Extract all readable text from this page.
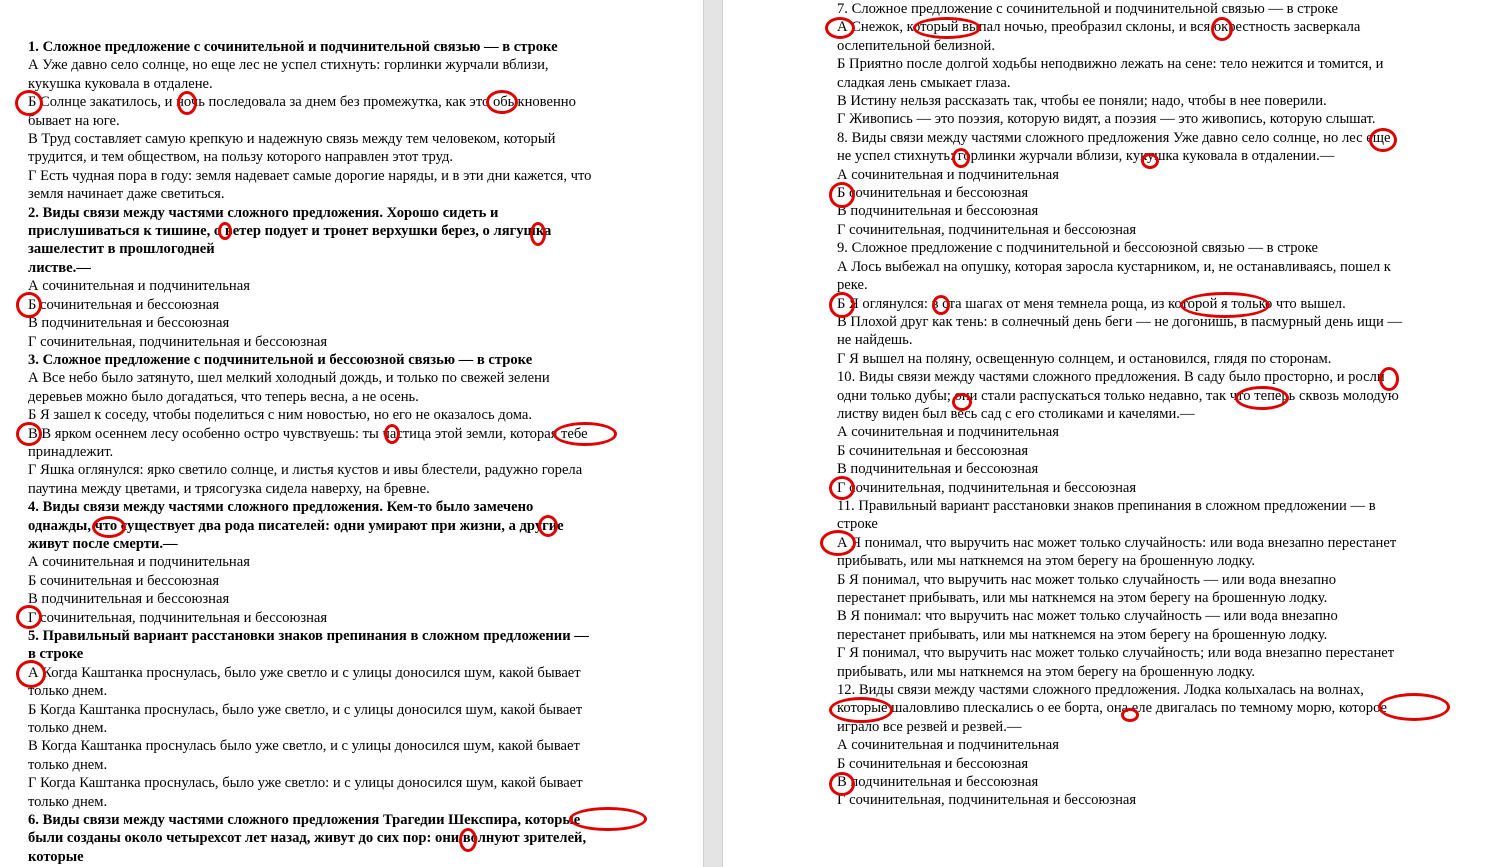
1. Сложное предложение с сочинительной и подчинительной связью — в строке

А Уже давно село солнце, но еще лес не успел стихнуть: горлинки журчали вблизи,

кукушка куковала в отдалене.

Б Солнце закатилось, и ночь последовала за днем без промежутка, как это обыкновенно

бывает на юге.

В Труд составляет самую крепкую и надежную связь между тем человеком, который

трудится, и тем обществом, на пользу которого направлен этот труд.

Г Есть чудная пора в году: земля надевает самые дорогие наряды, и в эти дни кажется, что

земля начинает даже светиться.

2. Виды связи между частями сложного предложения. Хорошо сидеть и

прислушиваться к тишине, о ветер подует и тронет верхушки берез, о лягушка

зашелестит в прошлогодней

листве.—

А сочинительная и подчинительная

Б сочинительная и бессоюзная

В подчинительная и бессоюзная

Г сочинительная, подчинительная и бессоюзная

3. Сложное предложение с подчинительной и бессоюзной связью — в строке

А Все небо было затянуто, шел мелкий холодный дождь, и только по свежей зелени

деревьев можно было догадаться, что теперь весна, а не осень.

Б Я зашел к соседу, чтобы поделиться с ним новостью, но его не оказалось дома.

В В ярком осеннем лесу особенно остро чувствуешь: ты частица этой земли, которая тебе

принадлежит.

Г Яшка оглянулся: ярко светило солнце, и листья кустов и ивы блестели, радужно горела

паутина между цветами, и трясогузка сидела наверху, на бревне.

4. Виды связи между частями сложного предложения. Кем-то было замечено

однажды, что существует два рода писателей: одни умирают при жизни, а другие

живут после смерти.—

А сочинительная и подчинительная

Б сочинительная и бессоюзная

В подчинительная и бессоюзная

Г сочинительная, подчинительная и бессоюзная

5. Правильный вариант расстановки знаков препинания в сложном предложении —

в строке

А Когда Каштанка проснулась, было уже светло и с улицы доносился шум, какой бывает

только днем.

Б Когда Каштанка проснулась, было уже светло, и с улицы доносился шум, какой бывает

только днем.

В Когда Каштанка проснулась было уже светло, и с улицы доносился шум, какой бывает

только днем.

Г Когда Каштанка проснулась, было уже светло: и с улицы доносился шум, какой бывает

только днем.

6. Виды связи между частями сложного предложения Трагедии Шекспира, которые

были созданы около четырехсот лет назад, живут до сих пор: они волнуют зрителей,

которые

7. Сложное предложение с сочинительной и подчинительной связью — в строке

А Снежок, который выпал ночью, преобразил склоны, и вся окрестность засверкала

ослепительной белизной.

Б Приятно после долгой ходьбы неподвижно лежать на сене: тело нежится и томится, и

сладкая лень смыкает глаза.

В Истину нельзя рассказать так, чтобы ее поняли; надо, чтобы в нее поверили.

Г Живопись — это поэзия, которую видят, а поэзия — это живопись, которую слышат.

8. Виды связи между частями сложного предложения Уже давно село солнце, но лес еще

не успел стихнуть: горлинки журчали вблизи, кукушка куковала в отдалении.—

А сочинительная и подчинительная

Б сочинительная и бессоюзная

В подчинительная и бессоюзная

Г сочинительная, подчинительная и бессоюзная

9. Сложное предложение с подчинительной и бессоюзной связью — в строке

А Лось выбежал на опушку, которая заросла кустарником, и, не останавливаясь, пошел к

реке.

Б Я оглянулся: в ста шагах от меня темнела роща, из которой я только что вышел.

В Плохой друг как тень: в солнечный день беги — не догонишь, в пасмурный день ищи —

не найдешь.

Г Я вышел на поляну, освещенную солнцем, и остановился, глядя по сторонам.

10. Виды связи между частями сложного предложения. В саду было просторно, и росли

одни только дубы; они стали распускаться только недавно, так что теперь сквозь молодую

листву виден был весь сад с его столиками и качелями.—

А сочинительная и подчинительная

Б сочинительная и бессоюзная

В подчинительная и бессоюзная

Г сочинительная, подчинительная и бессоюзная

11. Правильный вариант расстановки знаков препинания в сложном предложении — в

строке

А Я понимал, что выручить нас может только случайность: или вода внезапно перестанет

прибывать, или мы наткнемся на этом берегу на брошенную лодку.

Б Я понимал, что выручить нас может только случайность — или вода внезапно

перестанет прибывать, или мы наткнемся на этом берегу на брошенную лодку.

В Я понимал: что выручить нас может только случайность — или вода внезапно

перестанет прибывать, или мы наткнемся на этом берегу на брошенную лодку.

Г Я понимал, что выручить нас может только случайность; или вода внезапно перестанет

прибывать, или мы наткнемся на этом берегу на брошенную лодку.

12. Виды связи между частями сложного предложения. Лодка колыхалась на волнах,

которые шаловливо плескались о ее борта, она еле двигалась по темному морю, которое

играло все резвей и резвей.—

А сочинительная и подчинительная

Б сочинительная и бессоюзная

В подчинительная и бессоюзная

Г сочинительная, подчинительная и бессоюзная
